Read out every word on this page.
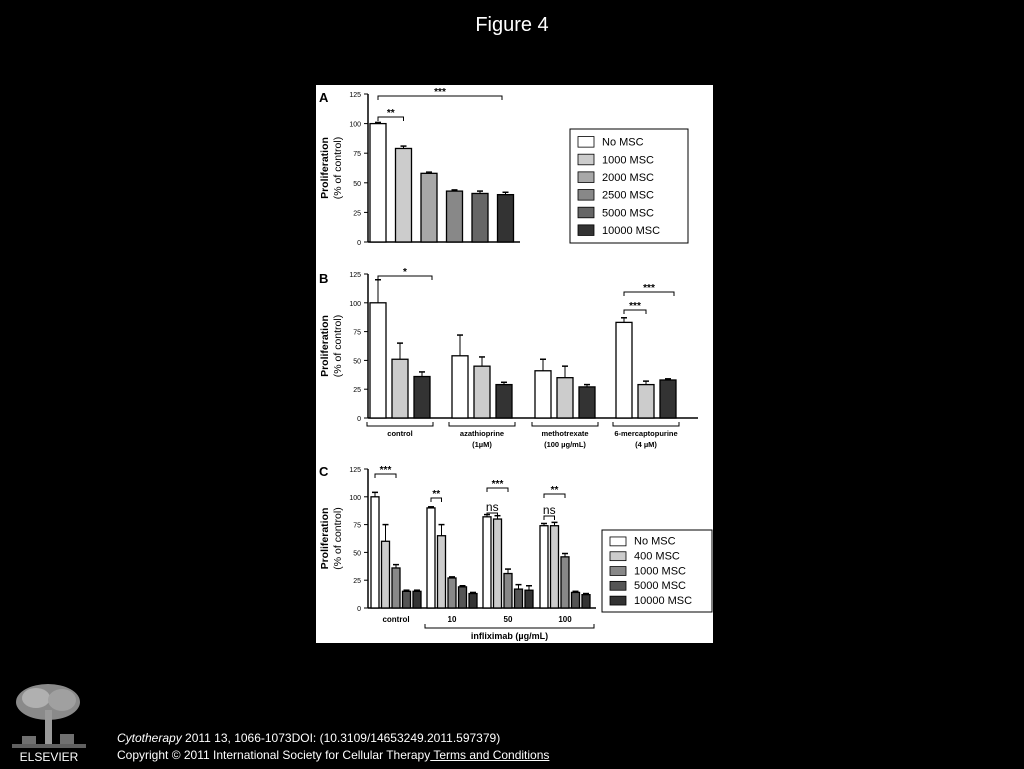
Figure 4
A
0
25
50
75
100
125
Proliferation (% of control)
**
***
No MSC
1000 MSC
2000 MSC
2500 MSC
5000 MSC
10000 MSC
B
0
25
50
75
100
125
Proliferation (% of control)
control	azathioprine
(1µM)
methotrexate
(100 µg/mL)
6-mercaptopurine
(4 µM)
*
***
***
C
0
25
50
75
100
125
Proliferation (% of control)
control	10	50	100
infliximab (µg/mL)
***
**
ns
***
ns
**
No MSC
400 MSC
1000 MSC
5000 MSC
10000 MSC
ELSEVIER
Cytotherapy 2011 13, 1066-1073DOI: (10.3109/14653249.2011.597379)
Copyright © 2011 International Society for Cellular Therapy Terms and Conditions
